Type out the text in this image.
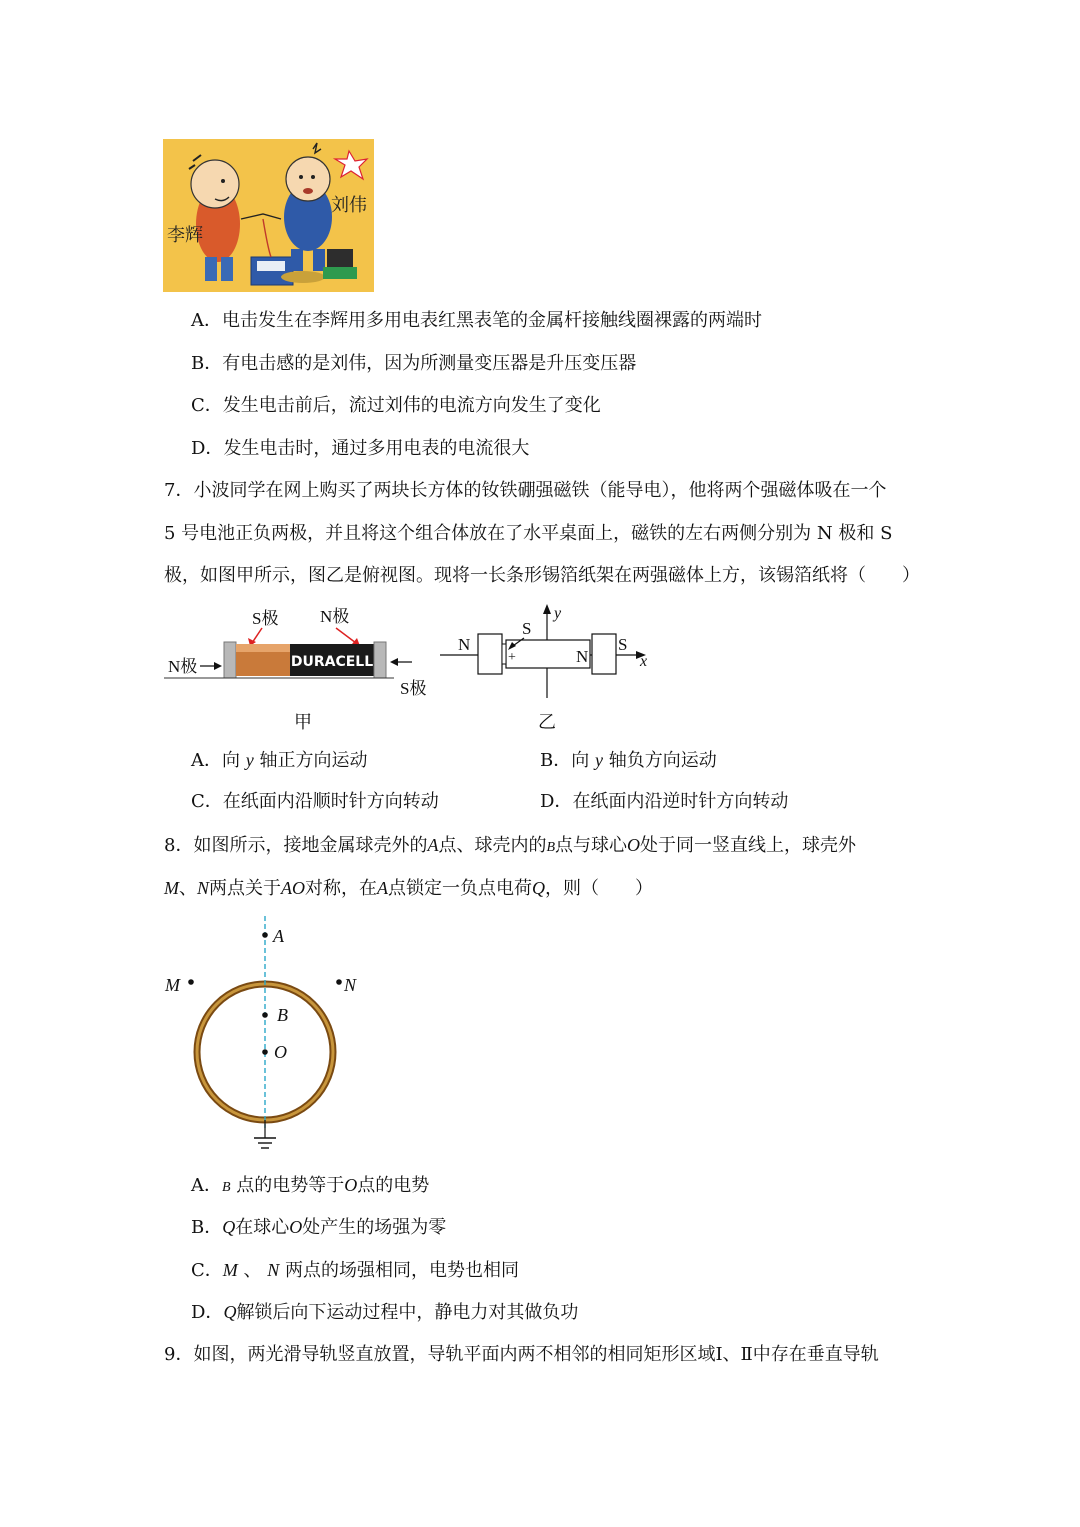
李辉
刘伟
A．电击发生在李辉用多用电表红黑表笔的金属杆接触线圈裸露的两端时
B．有电击感的是刘伟，因为所测量变压器是升压变压器
C．发生电击前后，流过刘伟的电流方向发生了变化
D．发生电击时，通过多用电表的电流很大
7．小波同学在网上购买了两块长方体的钕铁硼强磁铁（能导电），他将两个强磁体吸在一个
5 号电池正负两极，并且将这个组合体放在了水平桌面上，磁铁的左右两侧分别为 N 极和 S
极，如图甲所示，图乙是俯视图。现将一长条形锡箔纸架在两强磁体上方，该锡箔纸将（　　）
S极 N极
DURACELL
N极
S极
甲
x
y
N
S
+	N
S
乙
A．向 y 轴正方向运动	B．向 y 轴负方向运动
C．在纸面内沿顺时针方向转动	D．在纸面内沿逆时针方向转动
8．如图所示，接地金属球壳外的A点、球壳内的B点与球心O处于同一竖直线上，球壳外
M、N两点关于AO对称，在A点锁定一负点电荷Q，则（　　）
A
M	N
B
O
A．B 点的电势等于O点的电势
B．Q在球心O处产生的场强为零
C．M 、 N 两点的场强相同，电势也相同
D．Q解锁后向下运动过程中，静电力对其做负功
9．如图，两光滑导轨竖直放置，导轨平面内两不相邻的相同矩形区域Ⅰ、Ⅱ中存在垂直导轨
